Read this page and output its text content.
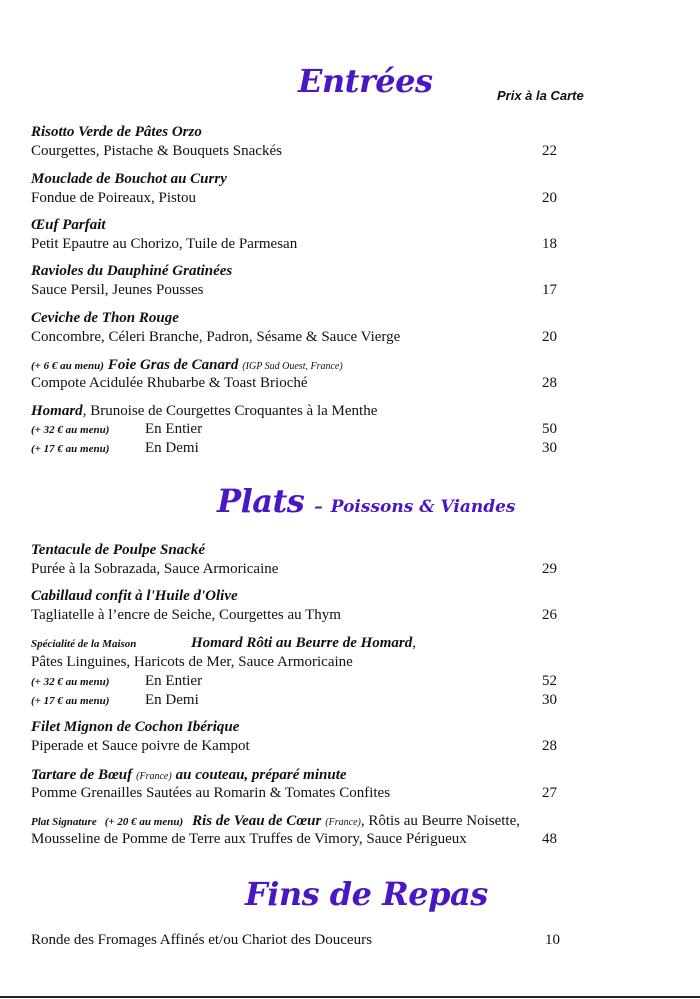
Entrées	Prix à la Carte
Risotto Verde de Pâtes Orzo
Courgettes, Pistache & Bouquets Snackés	22
Mouclade de Bouchot au Curry
Fondue de Poireaux, Pistou	20
Œuf Parfait
Petit Epautre au Chorizo, Tuile de Parmesan	18
Ravioles du Dauphiné Gratinées
Sauce Persil, Jeunes Pousses	17
Ceviche de Thon Rouge
Concombre, Céleri Branche, Padron, Sésame & Sauce Vierge	20
(+ 6 € au menu) Foie Gras de Canard (IGP Sud Ouest, France)
Compote Acidulée Rhubarbe & Toast Brioché	28
Homard, Brunoise de Courgettes Croquantes à la Menthe
(+ 32 € au menu) En Entier	50
(+ 17 € au menu) En Demi	30
Plats – Poissons & Viandes
Tentacule de Poulpe Snacké
Purée à la Sobrazada, Sauce Armoricaine	29
Cabillaud confit à l'Huile d'Olive
Tagliatelle à l’encre de Seiche, Courgettes au Thym	26
Spécialité de la Maison	Homard Rôti au Beurre de Homard,
Pâtes Linguines, Haricots de Mer, Sauce Armoricaine
(+ 32 € au menu) En Entier	52
(+ 17 € au menu) En Demi	30
Filet Mignon de Cochon Ibérique
Piperade et Sauce poivre de Kampot	28
Tartare de Bœuf (France) au couteau, préparé minute
Pomme Grenailles Sautées au Romarin & Tomates Confites	27
Plat Signature (+ 20 € au menu) Ris de Veau de Cœur (France), Rôtis au Beurre Noisette,
Mousseline de Pomme de Terre aux Truffes de Vimory, Sauce Périgueux	48
Fins de Repas
Ronde des Fromages Affinés et/ou Chariot des Douceurs	10
